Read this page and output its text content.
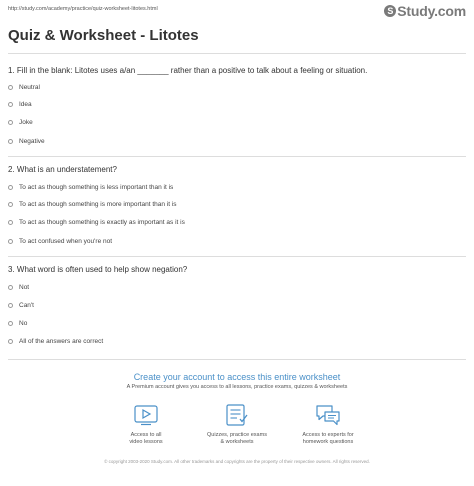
http://study.com/academy/practice/quiz-worksheet-litotes.html	S Study.com
Quiz & Worksheet - Litotes
1. Fill in the blank: Litotes uses a/an _______ rather than a positive to talk about a feeling or situation.
Neutral
Idea
Joke
Negative
2. What is an understatement?
To act as though something is less important than it is
To act as though something is more important than it is
To act as though something is exactly as important as it is
To act confused when you're not
3. What word is often used to help show negation?
Not
Can't
No
All of the answers are correct
Create your account to access this entire worksheet
A Premium account gives you access to all lessons, practice exams, quizzes & worksheets
Access to all
video lessons
Quizzes, practice exams
& worksheets
Access to experts for
homework questions
© copyright 2003-2020 Study.com. All other trademarks and copyrights are the property of their respective owners. All rights reserved.
